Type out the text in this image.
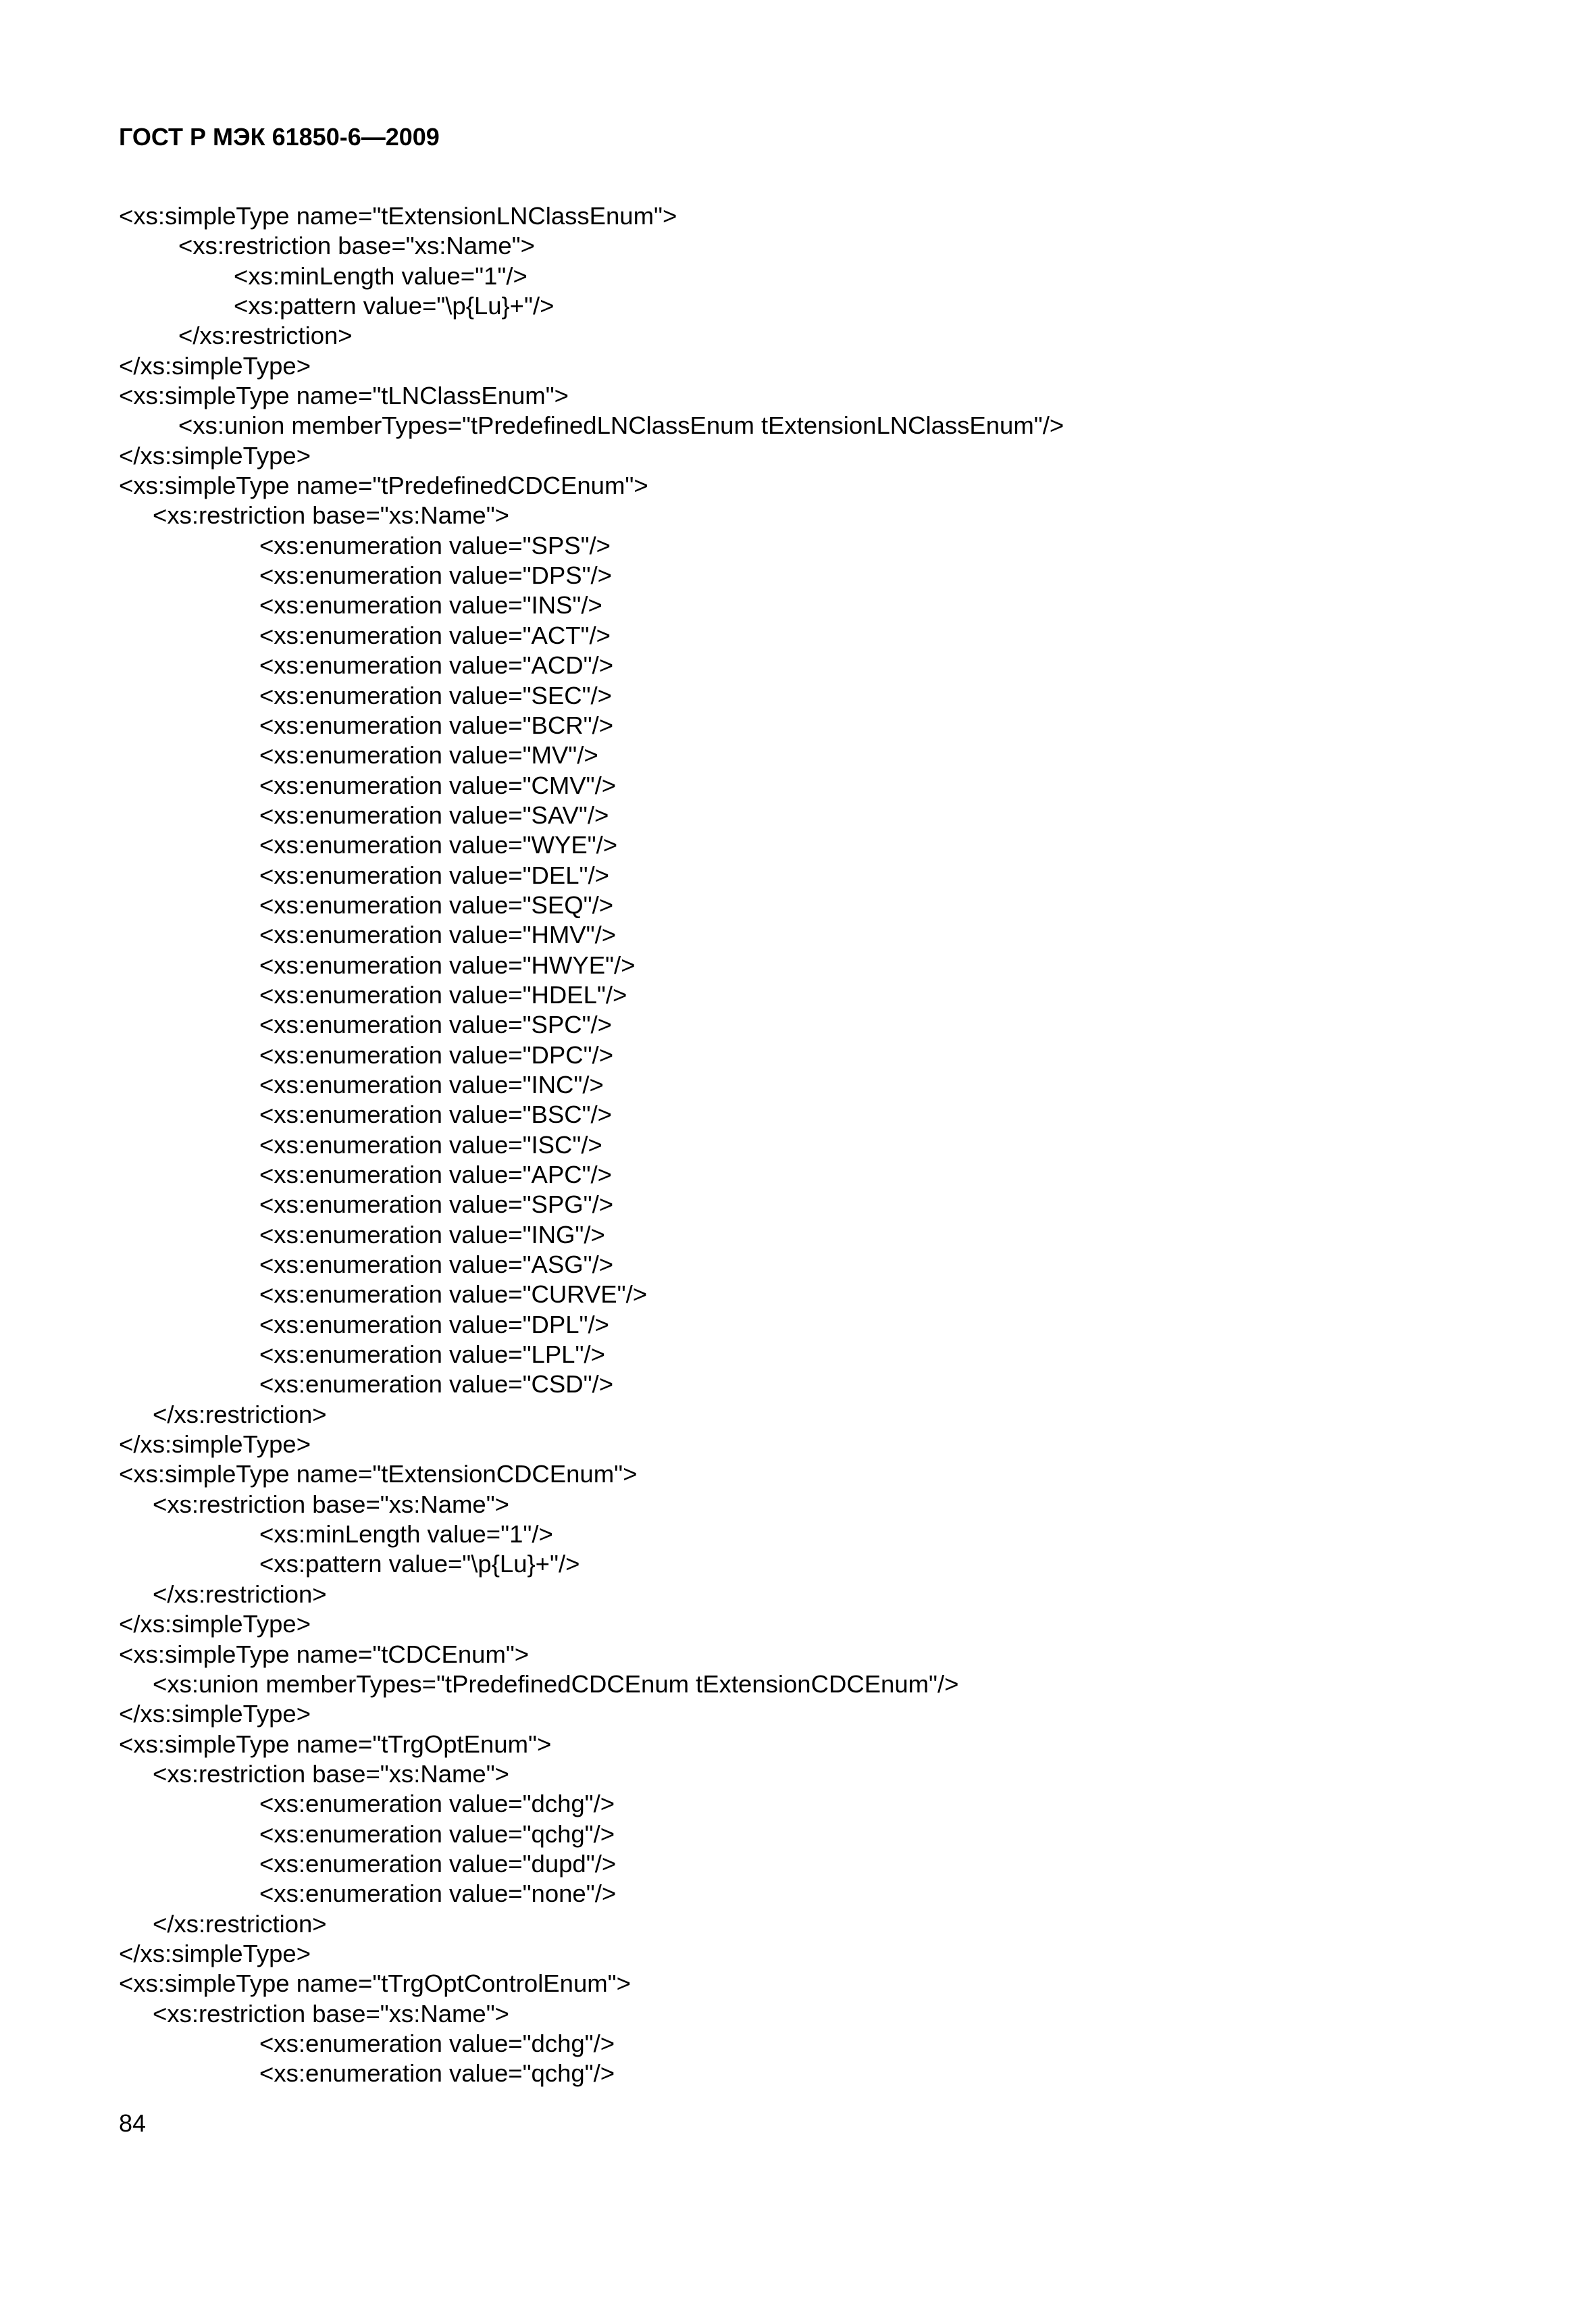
ГОСТ Р МЭК 61850-6—2009
<xs:simpleType name="tExtensionLNClassEnum">
<xs:restriction base="xs:Name">
<xs:minLength value="1"/>
<xs:pattern value="\p{Lu}+"/>
</xs:restriction>
</xs:simpleType>
<xs:simpleType name="tLNClassEnum">
<xs:union memberTypes="tPredefinedLNClassEnum tExtensionLNClassEnum"/>
</xs:simpleType>
<xs:simpleType name="tPredefinedCDCEnum">
<xs:restriction base="xs:Name">
<xs:enumeration value="SPS"/>
<xs:enumeration value="DPS"/>
<xs:enumeration value="INS"/>
<xs:enumeration value="ACT"/>
<xs:enumeration value="ACD"/>
<xs:enumeration value="SEC"/>
<xs:enumeration value="BCR"/>
<xs:enumeration value="MV"/>
<xs:enumeration value="CMV"/>
<xs:enumeration value="SAV"/>
<xs:enumeration value="WYE"/>
<xs:enumeration value="DEL"/>
<xs:enumeration value="SEQ"/>
<xs:enumeration value="HMV"/>
<xs:enumeration value="HWYE"/>
<xs:enumeration value="HDEL"/>
<xs:enumeration value="SPC"/>
<xs:enumeration value="DPC"/>
<xs:enumeration value="INC"/>
<xs:enumeration value="BSC"/>
<xs:enumeration value="ISC"/>
<xs:enumeration value="APC"/>
<xs:enumeration value="SPG"/>
<xs:enumeration value="ING"/>
<xs:enumeration value="ASG"/>
<xs:enumeration value="CURVE"/>
<xs:enumeration value="DPL"/>
<xs:enumeration value="LPL"/>
<xs:enumeration value="CSD"/>
</xs:restriction>
</xs:simpleType>
<xs:simpleType name="tExtensionCDCEnum">
<xs:restriction base="xs:Name">
<xs:minLength value="1"/>
<xs:pattern value="\p{Lu}+"/>
</xs:restriction>
</xs:simpleType>
<xs:simpleType name="tCDCEnum">
<xs:union memberTypes="tPredefinedCDCEnum tExtensionCDCEnum"/>
</xs:simpleType>
<xs:simpleType name="tTrgOptEnum">
<xs:restriction base="xs:Name">
<xs:enumeration value="dchg"/>
<xs:enumeration value="qchg"/>
<xs:enumeration value="dupd"/>
<xs:enumeration value="none"/>
</xs:restriction>
</xs:simpleType>
<xs:simpleType name="tTrgOptControlEnum">
<xs:restriction base="xs:Name">
<xs:enumeration value="dchg"/>
<xs:enumeration value="qchg"/>
84
